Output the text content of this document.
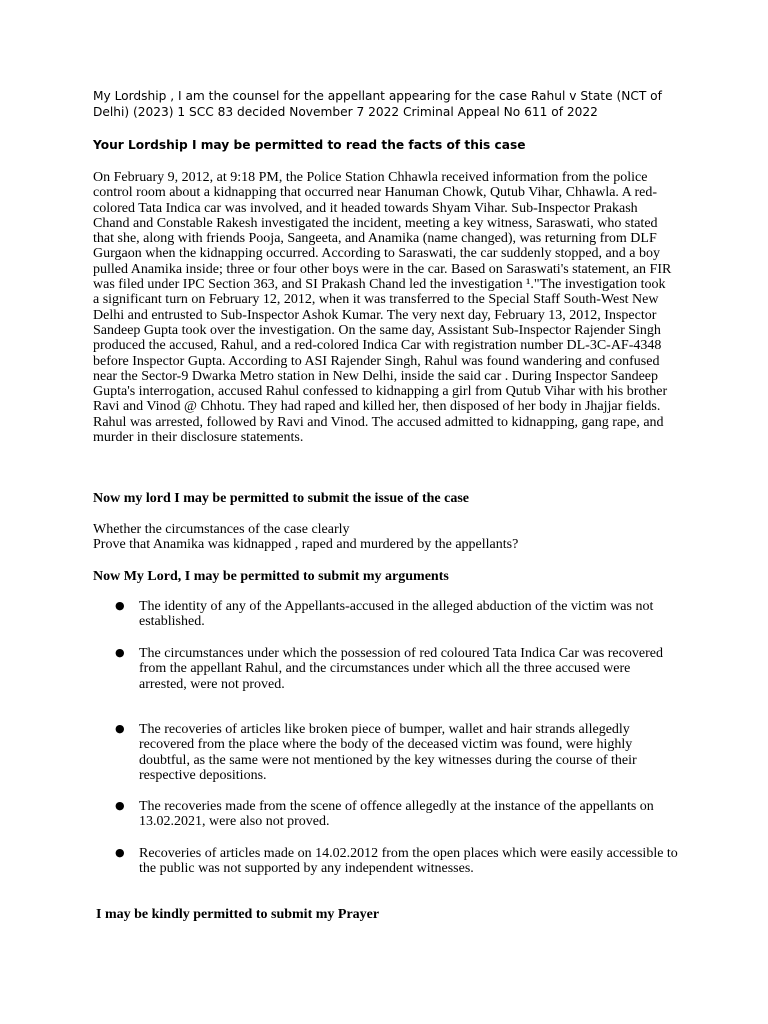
My Lordship , I am the counsel for the appellant appearing for the case Rahul v State (NCT of Delhi) (2023) 1 SCC 83 decided November 7 2022 Criminal Appeal No 611 of 2022

Your Lordship I may be permitted to read the facts of this case

On February 9, 2012, at 9:18 PM, the Police Station Chhawla received information from the police control room about a kidnapping that occurred near Hanuman Chowk, Qutub Vihar, Chhawla. A red-colored Tata Indica car was involved, and it headed towards Shyam Vihar. Sub-Inspector Prakash Chand and Constable Rakesh investigated the incident, meeting a key witness, Saraswati, who stated that she, along with friends Pooja, Sangeeta, and Anamika (name changed), was returning from DLF Gurgaon when the kidnapping occurred. According to Saraswati, the car suddenly stopped, and a boy pulled Anamika inside; three or four other boys were in the car. Based on Saraswati's statement, an FIR was filed under IPC Section 363, and SI Prakash Chand led the investigation ¹."The investigation took a significant turn on February 12, 2012, when it was transferred to the Special Staff South-West New Delhi and entrusted to Sub-Inspector Ashok Kumar. The very next day, February 13, 2012, Inspector Sandeep Gupta took over the investigation. On the same day, Assistant Sub-Inspector Rajender Singh produced the accused, Rahul, and a red-colored Indica Car with registration number DL-3C-AF-4348 before Inspector Gupta. According to ASI Rajender Singh, Rahul was found wandering and confused near the Sector-9 Dwarka Metro station in New Delhi, inside the said car . During Inspector Sandeep Gupta's interrogation, accused Rahul confessed to kidnapping a girl from Qutub Vihar with his brother Ravi and Vinod @ Chhotu. They had raped and killed her, then disposed of her body in Jhajjar fields. Rahul was arrested, followed by Ravi and Vinod. The accused admitted to kidnapping, gang rape, and murder in their disclosure statements.

Now my lord I may be permitted to submit the issue of the case

Whether the circumstances of the case clearly
Prove that Anamika was kidnapped , raped and murdered by the appellants?

Now My Lord, I may be permitted to submit my arguments

● The identity of any of the Appellants-accused in the alleged abduction of the victim was not established.

● The circumstances under which the possession of red coloured Tata Indica Car was recovered from the appellant Rahul, and the circumstances under which all the three accused were arrested, were not proved.

● The recoveries of articles like broken piece of bumper, wallet and hair strands allegedly recovered from the place where the body of the deceased victim was found, were highly doubtful, as the same were not mentioned by the key witnesses during the course of their respective depositions.

● The recoveries made from the scene of offence allegedly at the instance of the appellants on 13.02.2021, were also not proved.

● Recoveries of articles made on 14.02.2012 from the open places which were easily accessible to the public was not supported by any independent witnesses.

I may be kindly permitted to submit my Prayer
